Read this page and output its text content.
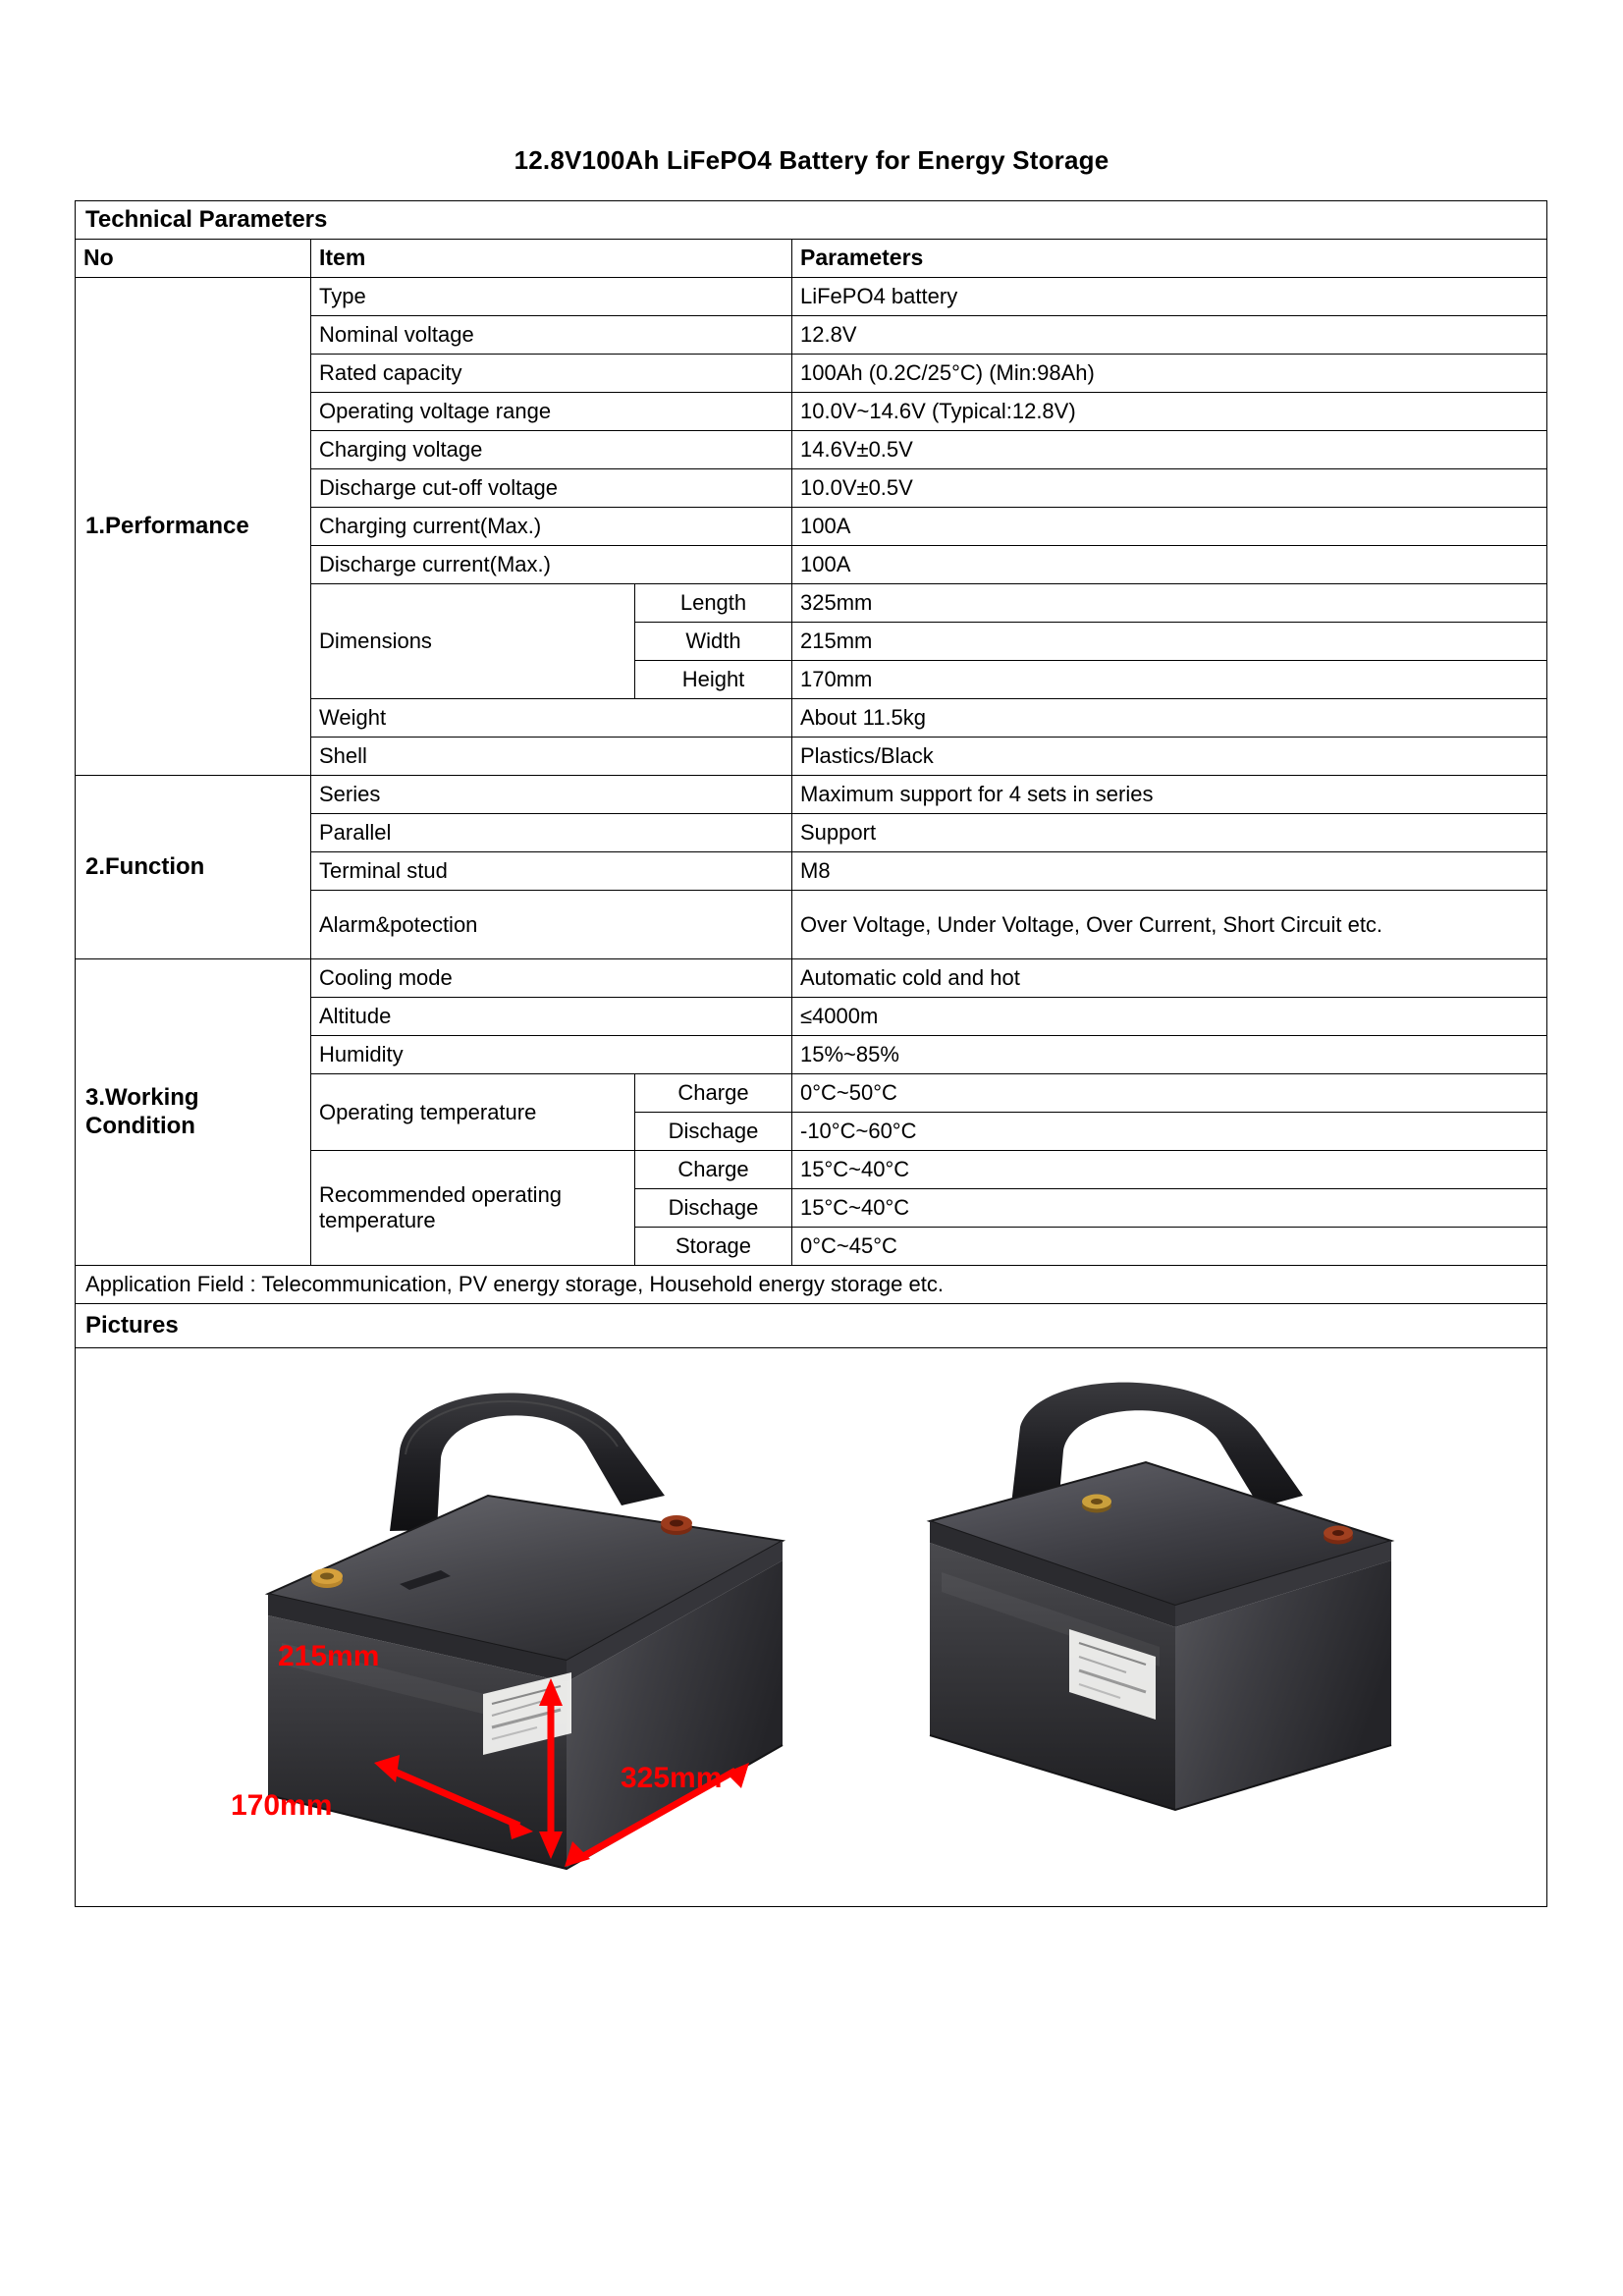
12.8V100Ah LiFePO4 Battery for Energy Storage
Technical Parameters			
No	Item		Parameters
1.Performance	Type		LiFePO4 battery
	Nominal voltage		12.8V
	Rated capacity		100Ah (0.2C/25°C) (Min:98Ah)
	Operating voltage range		10.0V~14.6V (Typical:12.8V)
	Charging voltage		14.6V±0.5V
	Discharge cut-off voltage		10.0V±0.5V
	Charging current(Max.)		100A
	Discharge current(Max.)		100A
	Dimensions	Length	325mm
		Width	215mm
		Height	170mm
	Weight		About 11.5kg
	Shell		Plastics/Black
2.Function	Series		Maximum support for 4 sets in series
	Parallel		Support
	Terminal stud		M8
	Alarm&potection		Over Voltage, Under Voltage, Over Current, Short Circuit etc.
3.Working Condition	Cooling mode		Automatic cold and hot
	Altitude		≤4000m
	Humidity		15%~85%
	Operating temperature	Charge	0°C~50°C
		Dischage	-10°C~60°C
	Recommended operating temperature	Charge	15°C~40°C
		Dischage	15°C~40°C
		Storage	0°C~45°C
Application Field : Telecommunication, PV energy storage, Household energy storage etc.			
Pictures			

215mm
170mm
325mm			
